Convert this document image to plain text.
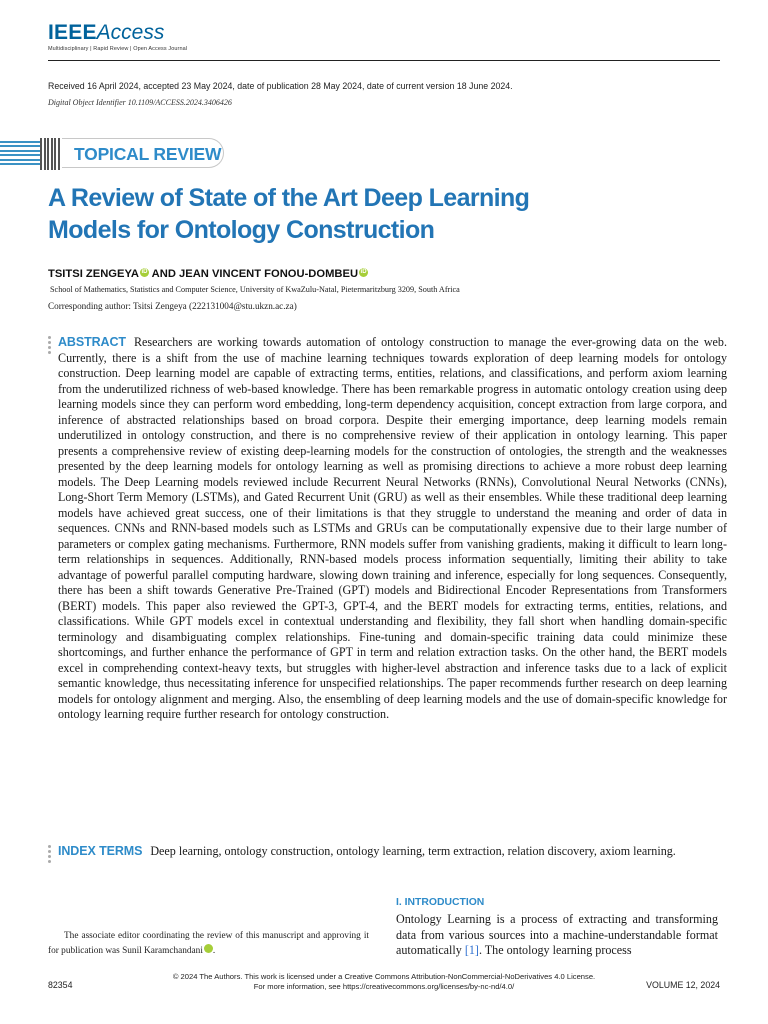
IEEE Access
Multidisciplinary | Rapid Review | Open Access Journal
Received 16 April 2024, accepted 23 May 2024, date of publication 28 May 2024, date of current version 18 June 2024.
Digital Object Identifier 10.1109/ACCESS.2024.3406426
TOPICAL REVIEW
A Review of State of the Art Deep Learning
Models for Ontology Construction
TSITSI ZENGEYA iD AND JEAN VINCENT FONOU-DOMBEU iD
School of Mathematics, Statistics and Computer Science, University of KwaZulu-Natal, Pietermaritzburg 3209, South Africa
Corresponding author: Tsitsi Zengeya (222131004@stu.ukzn.ac.za)

ABSTRACT Researchers are working towards automation of ontology construction to manage the ever-growing data on the web. Currently, there is a shift from the use of machine learning techniques towards exploration of deep learning models for ontology construction. Deep learning model are capable of extracting terms, entities, relations, and classifications, and perform axiom learning from the underutilized richness of web-based knowledge. There has been remarkable progress in automatic ontology creation using deep learning models since they can perform word embedding, long-term dependency acquisition, concept extraction from large corpora, and inference of abstracted relationships based on broad corpora. Despite their emerging importance, deep learning models remain underutilized in ontology construction, and there is no comprehensive review of their application in ontology learning. This paper presents a comprehensive review of existing deep-learning models for the construction of ontologies, the strength and the weaknesses presented by the deep learning models for ontology learning as well as promising directions to achieve a more robust deep learning models. The Deep Learning models reviewed include Recurrent Neural Networks (RNNs), Convolutional Neural Networks (CNNs), Long-Short Term Memory (LSTMs), and Gated Recurrent Unit (GRU) as well as their ensembles. While these traditional deep learning models have achieved great success, one of their limitations is that they struggle to understand the meaning and order of data in sequences. CNNs and RNN-based models such as LSTMs and GRUs can be computationally expensive due to their large number of parameters or complex gating mechanisms. Furthermore, RNN models suffer from vanishing gradients, making it difficult to learn long-term relationships in sequences. Additionally, RNN-based models process information sequentially, limiting their ability to take advantage of powerful parallel computing hardware, slowing down training and inference, especially for long sequences. Consequently, there has been a shift towards Generative Pre-Trained (GPT) models and Bidirectional Encoder Representations from Transformers (BERT) models. This paper also reviewed the GPT-3, GPT-4, and the BERT models for extracting terms, entities, relations, and classifications. While GPT models excel in contextual understanding and flexibility, they fall short when handling domain-specific terminology and disambiguating complex relationships. Fine-tuning and domain-specific training data could minimize these shortcomings, and further enhance the performance of GPT in term and relation extraction tasks. On the other hand, the BERT models excel in comprehending context-heavy texts, but struggles with higher-level abstraction and inference tasks due to a lack of explicit semantic knowledge, thus necessitating inference for unspecified relationships. The paper recommends further research on deep learning models for ontology alignment and merging. Also, the ensembling of deep learning models and the use of domain-specific knowledge for ontology learning require further research for ontology construction.

INDEX TERMS Deep learning, ontology construction, ontology learning, term extraction, relation discovery, axiom learning.

The associate editor coordinating the review of this manuscript and approving it for publication was Sunil Karamchandani	iD.

I. INTRODUCTION

Ontology Learning is a process of extracting and transforming data from various sources into a machine-understandable format automatically [1]. The ontology learning process

82354
© 2024 The Authors. This work is licensed under a Creative Commons Attribution-NonCommercial-NoDerivatives 4.0 License.
For more information, see https://creativecommons.org/licenses/by-nc-nd/4.0/	VOLUME 12, 2024
